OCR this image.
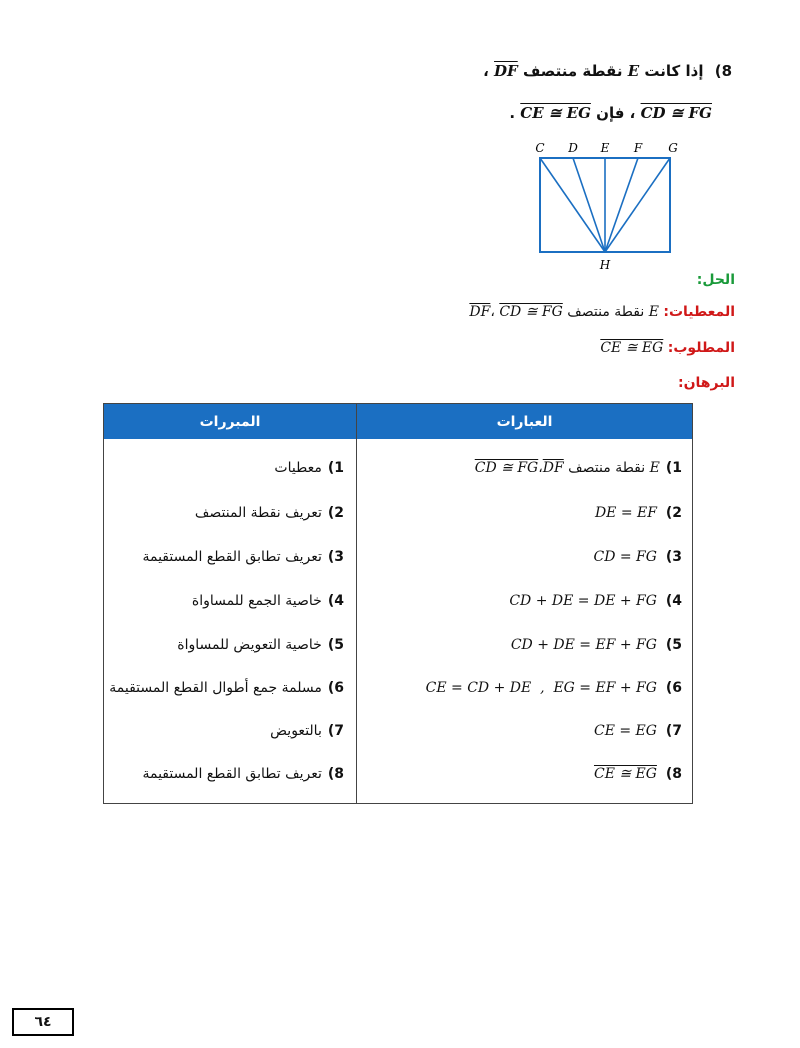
8) إذا كانت E نقطة منتصف DF ،
CD ≅ FG ، فإن CE ≅ EG .
C D E F G
H
الحل:
المعطيات: E نقطة منتصف DF، CD ≅ FG
المطلوب: CE ≅ EG
البرهان:
المبررات	العبارات
1)
E

نقطة منتصف

DF
،
CD ≅ FG
DE = EF
(2
CD = FG
(3
CD + DE = DE + FG
(4
CD + DE = EF + FG
(5
CE = CD + DE  ,  EG = EF + FG
(6
CE = EG
(7
CE ≅ EG
(8
1)
معطيات
2)
تعريف نقطة المنتصف
3)
تعريف تطابق القطع المستقيمة
4)
خاصية الجمع للمساواة
5)
خاصية التعويض للمساواة
6)
مسلمة جمع أطوال القطع المستقيمة
7)
بالتعويض
8)
تعريف تطابق القطع المستقيمة
٦٤
